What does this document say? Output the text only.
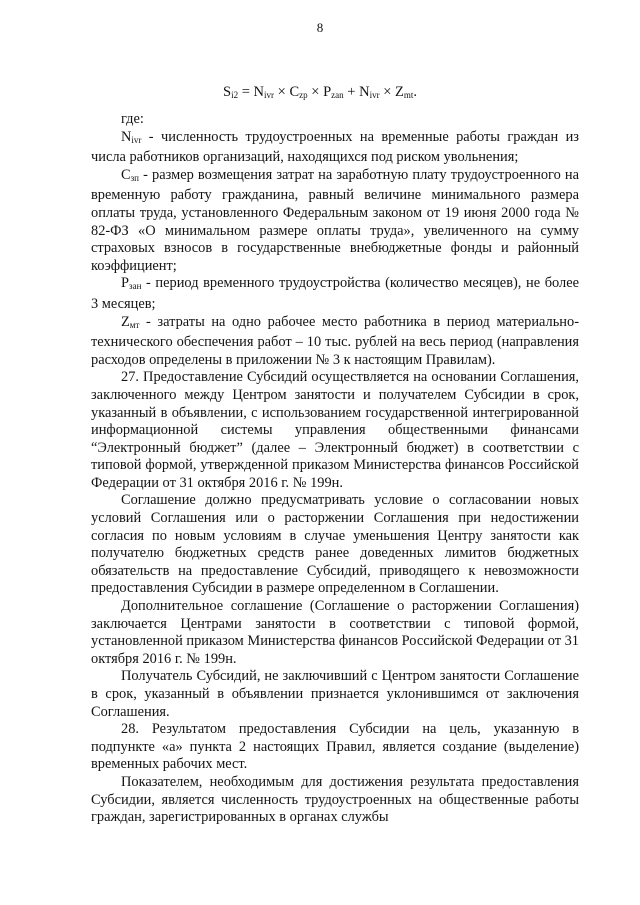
8
$S_{i2} = N_{ivr} \times C_{zp} \times P_{zan} + N_{ivr} \times Z_{mt}$.

где:

$N_{ivr}$ - численность трудоустроенных на временные работы граждан из числа работников организаций, находящихся под риском увольнения;

$C_{зп}$ - размер возмещения затрат на заработную плату трудоустроенного на временную работу гражданина, равный величине минимального размера оплаты труда, установленного Федеральным законом от 19 июня 2000 года № 82-ФЗ «О минимальном размере оплаты труда», увеличенного на сумму страховых взносов в государственные внебюджетные фонды и районный коэффициент;

$P_{зан}$ - период временного трудоустройства (количество месяцев), не более 3 месяцев;

$Z_{мт}$ - затраты на одно рабочее место работника в период материально-технического обеспечения работ – 10 тыс. рублей на весь период (направления расходов определены в приложении № 3 к настоящим Правилам).

27. Предоставление Субсидий осуществляется на основании Соглашения, заключенного между Центром занятости и получателем Субсидии в срок, указанный в объявлении, с использованием государственной интегрированной информационной системы управления общественными финансами “Электронный бюджет” (далее – Электронный бюджет) в соответствии с типовой формой, утвержденной приказом Министерства финансов Российской Федерации от 31 октября 2016 г. № 199н.

Соглашение должно предусматривать условие о согласовании новых условий Соглашения или о расторжении Соглашения при недостижении согласия по новым условиям в случае уменьшения Центру занятости как получателю бюджетных средств ранее доведенных лимитов бюджетных обязательств на предоставление Субсидий, приводящего к невозможности предоставления Субсидии в размере определенном в Соглашении.

Дополнительное соглашение (Соглашение о расторжении Соглашения) заключается Центрами занятости в соответствии с типовой формой, установленной приказом Министерства финансов Российской Федерации от 31 октября 2016 г. № 199н.

Получатель Субсидий, не заключивший с Центром занятости Соглашение в срок, указанный в объявлении признается уклонившимся от заключения Соглашения.

28. Результатом предоставления Субсидии на цель, указанную в подпункте «а» пункта 2 настоящих Правил, является создание (выделение) временных рабочих мест.

Показателем, необходимым для достижения результата предоставления Субсидии, является численность трудоустроенных на общественные работы граждан, зарегистрированных в органах службы
